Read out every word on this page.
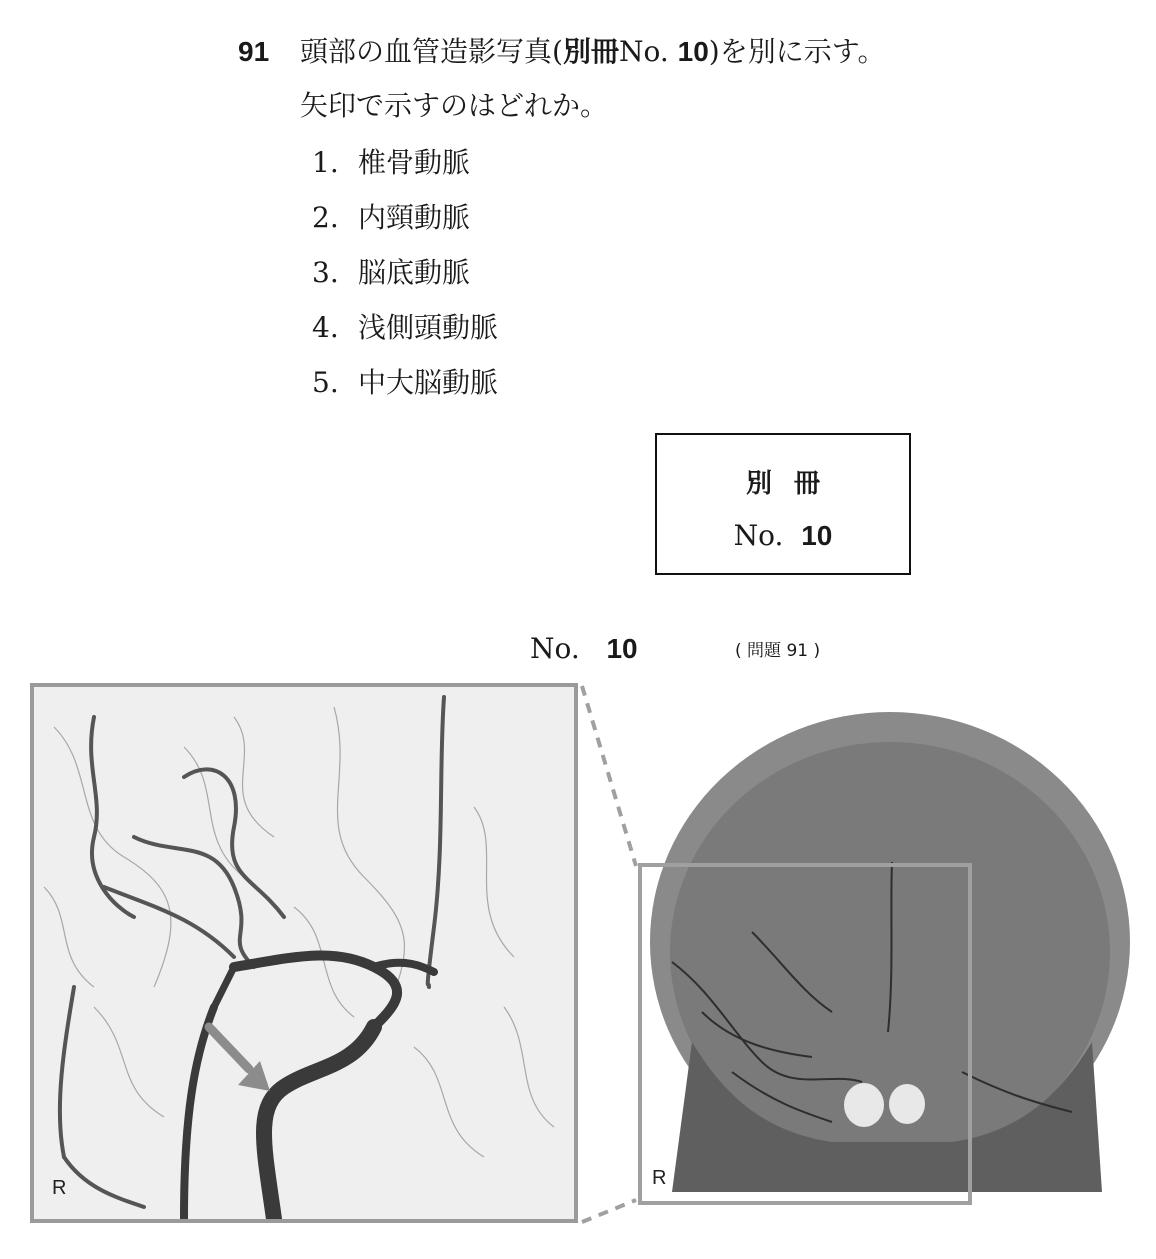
91 頭部の血管造影写真(別冊No. 10)を別に示す。
矢印で示すのはどれか。
1. 椎骨動脈
2. 内頸動脈
3. 脳底動脈
4. 浅側頭動脈
5. 中大脳動脈
別冊
No. 10
No. 10	( 問題 91 )
R	R
